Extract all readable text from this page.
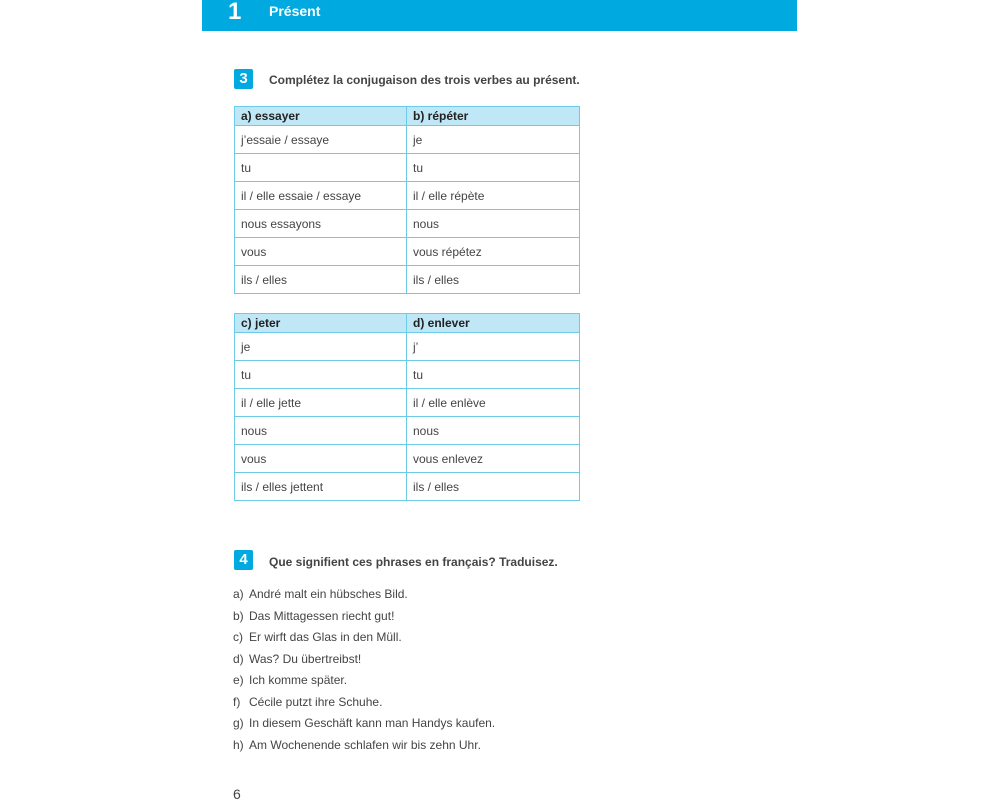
1 Présent
3	Complétez la conjugaison des trois verbes au présent.
a) essayer	b) répéter
j’essaie / essaye	je
tu	tu
il / elle essaie / essaye	il / elle répète
nous essayons	nous
vous	vous répétez
ils / elles	ils / elles
c) jeter	d) enlever
je	j’
tu	tu
il / elle jette	il / elle enlève
nous	nous
vous	vous enlevez
ils / elles jettent	ils / elles
4	Que signifient ces phrases en français? Traduisez.
a) André malt ein hübsches Bild.
b) Das Mittagessen riecht gut!
c) Er wirft das Glas in den Müll.
d) Was? Du übertreibst!
e) Ich komme später.
f) Cécile putzt ihre Schuhe.
g) In diesem Geschäft kann man Handys kaufen.
h) Am Wochenende schlafen wir bis zehn Uhr.
6
